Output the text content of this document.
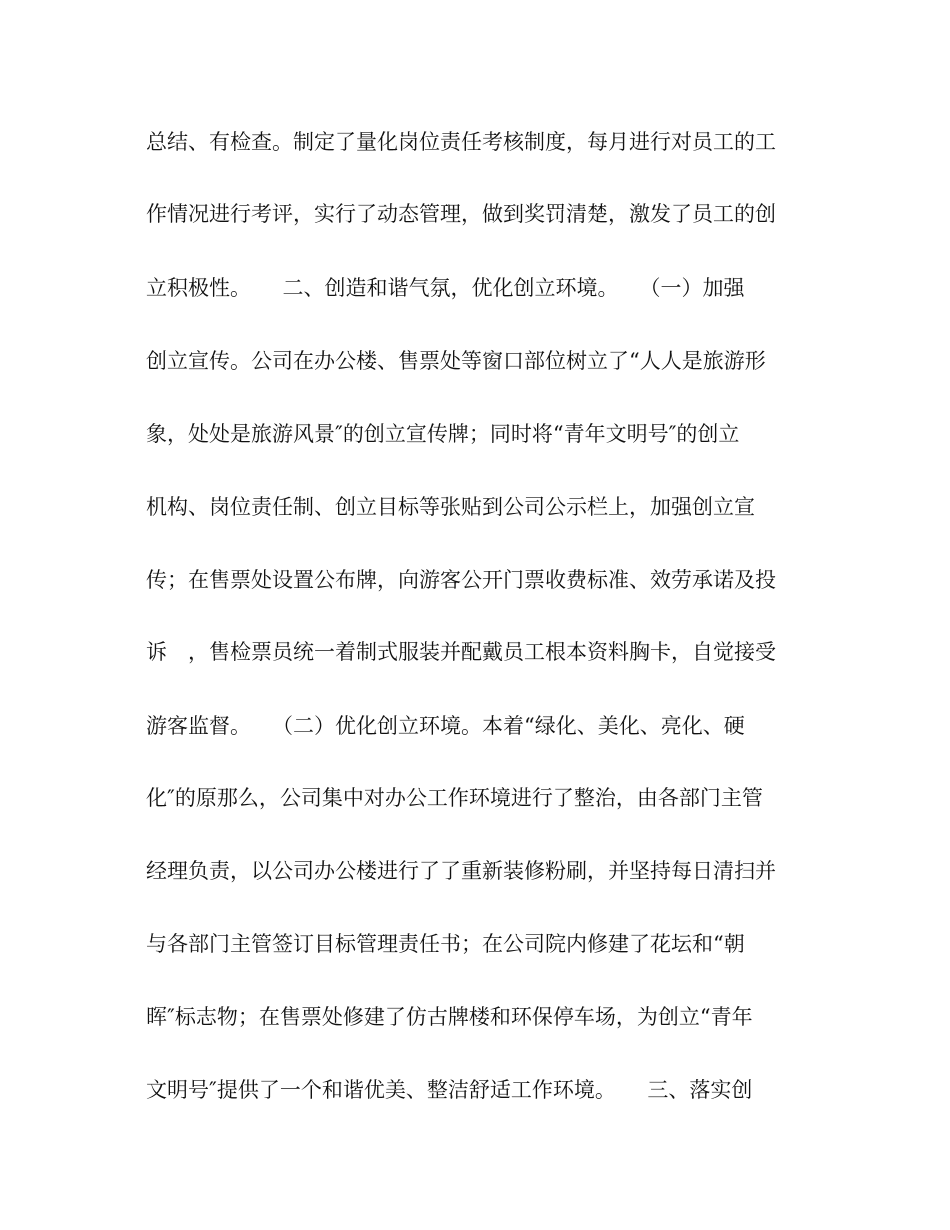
总结、有检查。制定了量化岗位责任考核制度，每月进行对员工的工
作情况进行考评，实行了动态管理，做到奖罚清楚，激发了员工的创
立积极性。　　二、创造和谐气氛，优化创立环境。　　（一）加强
创立宣传。公司在办公楼、售票处等窗口部位树立了“人人是旅游形
象，处处是旅游风景″的创立宣传牌；同时将“青年文明号″的创立
机构、岗位责任制、创立目标等张贴到公司公示栏上，加强创立宣
传；在售票处设置公布牌，向游客公开门票收费标准、效劳承诺及投
诉　，售检票员统一着制式服装并配戴员工根本资料胸卡，自觉接受
游客监督。　　（二）优化创立环境。本着“绿化、美化、亮化、硬
化″的原那么，公司集中对办公工作环境进行了整治，由各部门主管
经理负责，以公司办公楼进行了了重新装修粉刷，并坚持每日清扫并
与各部门主管签订目标管理责任书；在公司院内修建了花坛和“朝
晖″标志物；在售票处修建了仿古牌楼和环保停车场，为创立“青年
文明号″提供了一个和谐优美、整洁舒适工作环境。　　三、落实创
